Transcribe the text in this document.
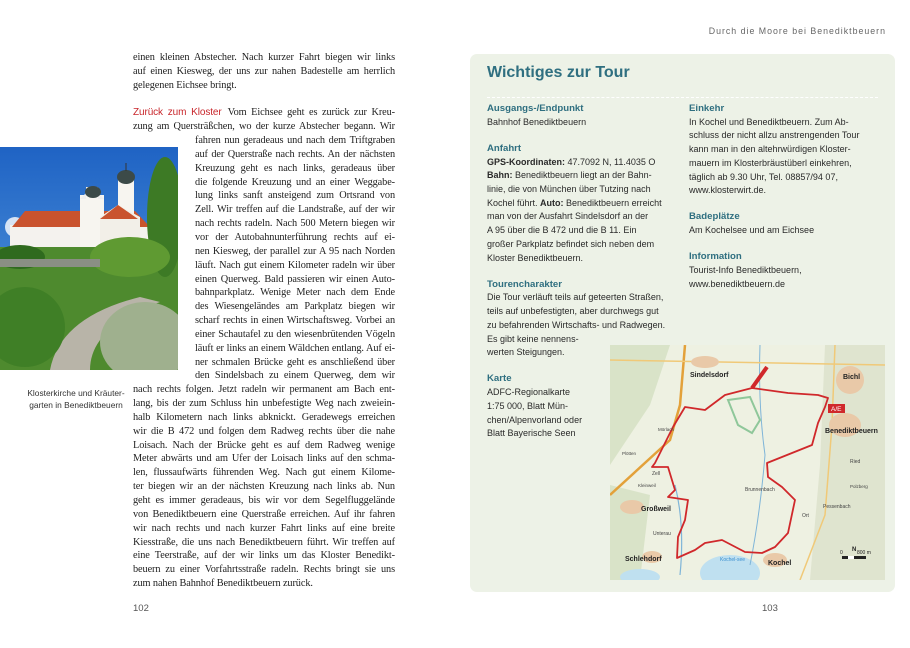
einen kleinen Abstecher. Nach kurzer Fahrt biegen wir links
auf einen Kiesweg, der uns zur nahen Badestelle am herrlich
gelegenen Eichsee bringt.
Zurück zum Kloster Vom Eichsee geht es zurück zur Kreu-
zung am Quersträßchen, wo der kurze Abstecher begann. Wir
fahren nun geradeaus und nach dem Triftgraben
auf der Querstraße nach rechts. An der nächsten
Kreuzung geht es nach links, geradeaus über
die folgende Kreuzung und an einer Weggabe-
lung links sanft ansteigend zum Ortsrand von
Zell. Wir treffen auf die Landstraße, auf der wir
nach rechts radeln. Nach 500 Metern biegen wir
vor der Autobahnunterführung rechts auf ei-
nen Kiesweg, der parallel zur A 95 nach Norden
läuft. Nach gut einem Kilometer radeln wir über
einen Querweg. Bald passieren wir einen Auto-
bahnparkplatz. Wenige Meter nach dem Ende
des Wiesengeländes am Parkplatz biegen wir
scharf rechts in einen Wirtschaftsweg. Vorbei an
einer Schautafel zu den wiesenbrütenden Vögeln
läuft er links an einem Wäldchen entlang. Auf ei-
ner schmalen Brücke geht es anschließend über
den Sindelsbach zu einem Querweg, dem wir
nach rechts folgen. Jetzt radeln wir permanent am Bach ent-
lang, bis der zum Schluss hin unbefestigte Weg nach zweiein-
halb Kilometern nach links abknickt. Geradewegs erreichen
wir die B 472 und folgen dem Radweg rechts über die nahe
Loisach. Nach der Brücke geht es auf dem Radweg wenige
Meter abwärts und am Ufer der Loisach links auf den schma-
len, flussaufwärts führenden Weg. Nach gut einem Kilome-
ter biegen wir an der nächsten Kreuzung nach links ab. Nun
geht es immer geradeaus, bis wir vor dem Segelfluggelände
von Benediktbeuern eine Querstraße erreichen. Auf ihr fahren
wir nach rechts und nach kurzer Fahrt links auf eine breite
Kiesstraße, die uns nach Benediktbeuern führt. Wir treffen auf
eine Teerstraße, auf der wir links um das Kloster Benedikt-
beuern zu einer Vorfahrtsstraße radeln. Rechts bringt sie uns
zum nahen Bahnhof Benediktbeuern zurück.
Klosterkirche und Kräuter-
garten in Benediktbeuern
102
Durch die Moore bei Benediktbeuern
Wichtiges zur Tour
Ausgangs-/Endpunkt

Bahnhof Benediktbeuern

Anfahrt

GPS-Koordinaten: 47.7092 N, 11.4035 O
Bahn: Benediktbeuern liegt an der Bahn-
linie, die von München über Tutzing nach
Kochel führt. Auto: Benediktbeuern erreicht
man von der Ausfahrt Sindelsdorf an der
A 95 über die B 472 und die B 11. Ein
großer Parkplatz befindet sich neben dem
Kloster Benediktbeuern.

Tourencharakter

Die Tour verläuft teils auf geteerten Straßen,
teils auf unbefestigten, aber durchwegs gut
zu befahrenden Wirtschafts- und Radwegen.
Es gibt keine nennens-
werten Steigungen.

Karte

ADFC-Regionalkarte
1:75 000, Blatt Mün-
chen/Alpenvorland oder
Blatt Bayerische Seen

Einkehr

In Kochel und Benediktbeuern. Zum Ab-
schluss der nicht allzu anstrengenden Tour
kann man in den altehrwürdigen Kloster-
mauern im Klosterbräustüberl einkehren,
täglich ab 9.30 Uhr, Tel. 08857/94 07,
www.klosterwirt.de.

Badeplätze

Am Kochelsee und am Eichsee

Information

Tourist-Info Benediktbeuern,
www.benediktbeuern.de

Sindelsdorf	Bichl
A/E
Benediktbeuern
Großweil
Schlehdorf
Kochel
Brunnenbach
Zell
Ried
Pessenbach
Ort
Unterau
Kochel-see
Mörlach
Plötten
Kleinweil	Polzberg
N
0	800 m
103
